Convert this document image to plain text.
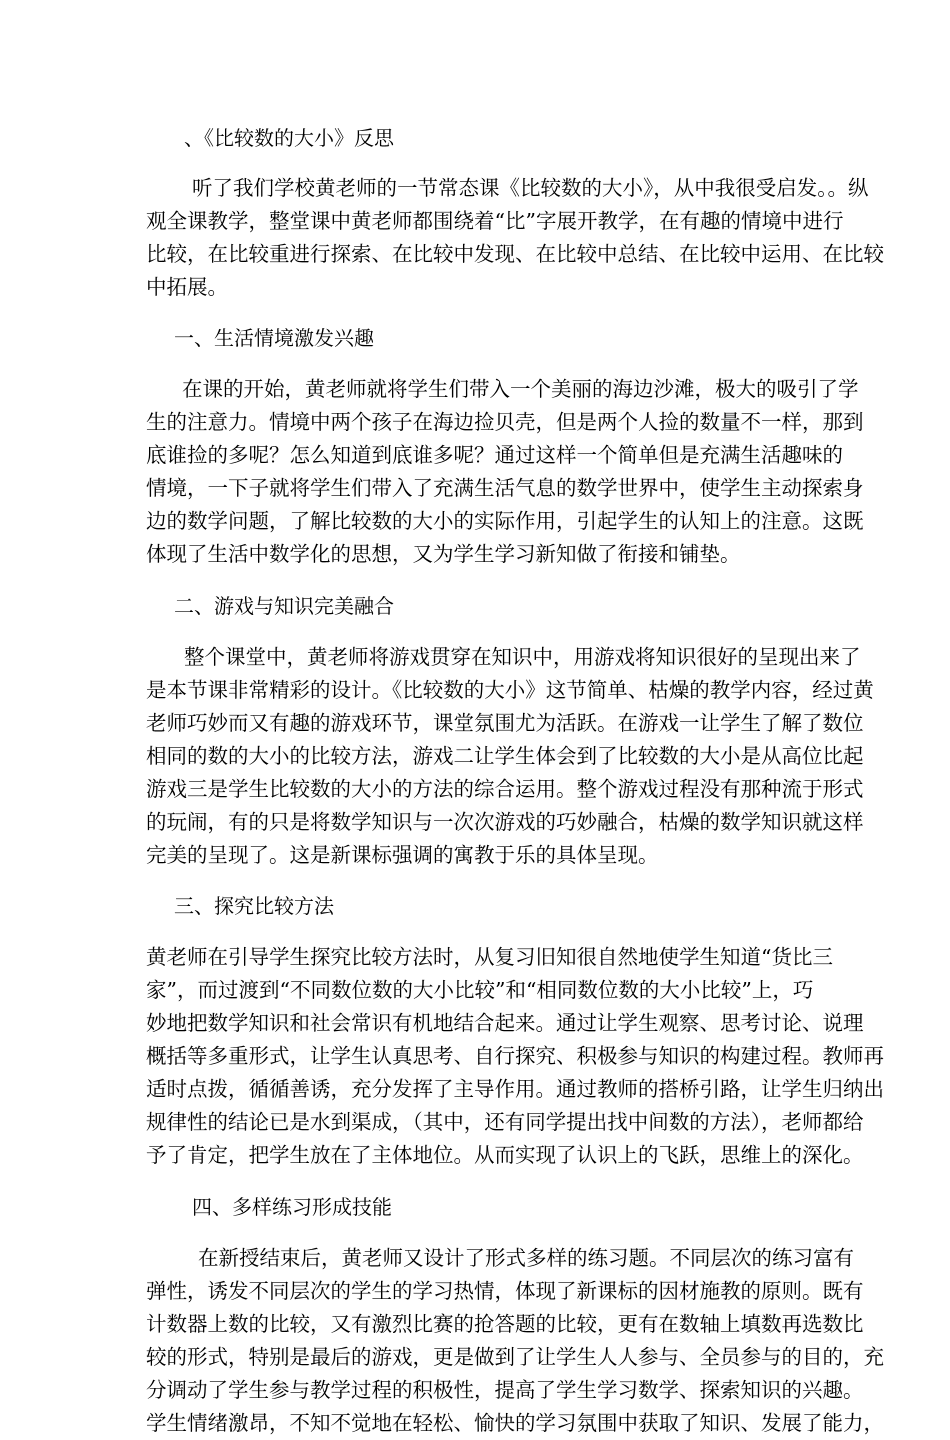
、《比较数的大小》反思
听了我们学校黄老师的一节常态课《比较数的大小》，从中我很受启发。。纵
观全课教学，整堂课中黄老师都围绕着“比”字展开教学，在有趣的情境中进行
比较，在比较重进行探索、在比较中发现、在比较中总结、在比较中运用、在比较
中拓展。
一、生活情境激发兴趣
在课的开始，黄老师就将学生们带入一个美丽的海边沙滩，极大的吸引了学
生的注意力。情境中两个孩子在海边捡贝壳，但是两个人捡的数量不一样，那到
底谁捡的多呢？怎么知道到底谁多呢？通过这样一个简单但是充满生活趣味的
情境，一下子就将学生们带入了充满生活气息的数学世界中，使学生主动探索身
边的数学问题，了解比较数的大小的实际作用，引起学生的认知上的注意。这既
体现了生活中数学化的思想，又为学生学习新知做了衔接和铺垫。
二、游戏与知识完美融合
整个课堂中，黄老师将游戏贯穿在知识中，用游戏将知识很好的呈现出来了
是本节课非常精彩的设计。《比较数的大小》这节简单、枯燥的教学内容，经过黄
老师巧妙而又有趣的游戏环节，课堂氛围尤为活跃。在游戏一让学生了解了数位
相同的数的大小的比较方法，游戏二让学生体会到了比较数的大小是从高位比起
游戏三是学生比较数的大小的方法的综合运用。整个游戏过程没有那种流于形式
的玩闹，有的只是将数学知识与一次次游戏的巧妙融合，枯燥的数学知识就这样
完美的呈现了。这是新课标强调的寓教于乐的具体呈现。
三、探究比较方法
黄老师在引导学生探究比较方法时，从复习旧知很自然地使学生知道“货比三
家”，而过渡到“不同数位数的大小比较”和“相同数位数的大小比较”上，巧
妙地把数学知识和社会常识有机地结合起来。通过让学生观察、思考讨论、说理
概括等多重形式，让学生认真思考、自行探究、积极参与知识的构建过程。教师再
适时点拨，循循善诱，充分发挥了主导作用。通过教师的搭桥引路，让学生归纳出
规律性的结论已是水到渠成，（其中，还有同学提出找中间数的方法），老师都给
予了肯定，把学生放在了主体地位。从而实现了认识上的飞跃，思维上的深化。
四、多样练习形成技能
在新授结束后，黄老师又设计了形式多样的练习题。不同层次的练习富有
弹性，诱发不同层次的学生的学习热情，体现了新课标的因材施教的原则。既有
计数器上数的比较，又有激烈比赛的抢答题的比较，更有在数轴上填数再选数比
较的形式，特别是最后的游戏，更是做到了让学生人人参与、全员参与的目的，充
分调动了学生参与教学过程的积极性，提高了学生学习数学、探索知识的兴趣。
学生情绪激昂，不知不觉地在轻松、愉快的学习氛围中获取了知识、发展了能力，
